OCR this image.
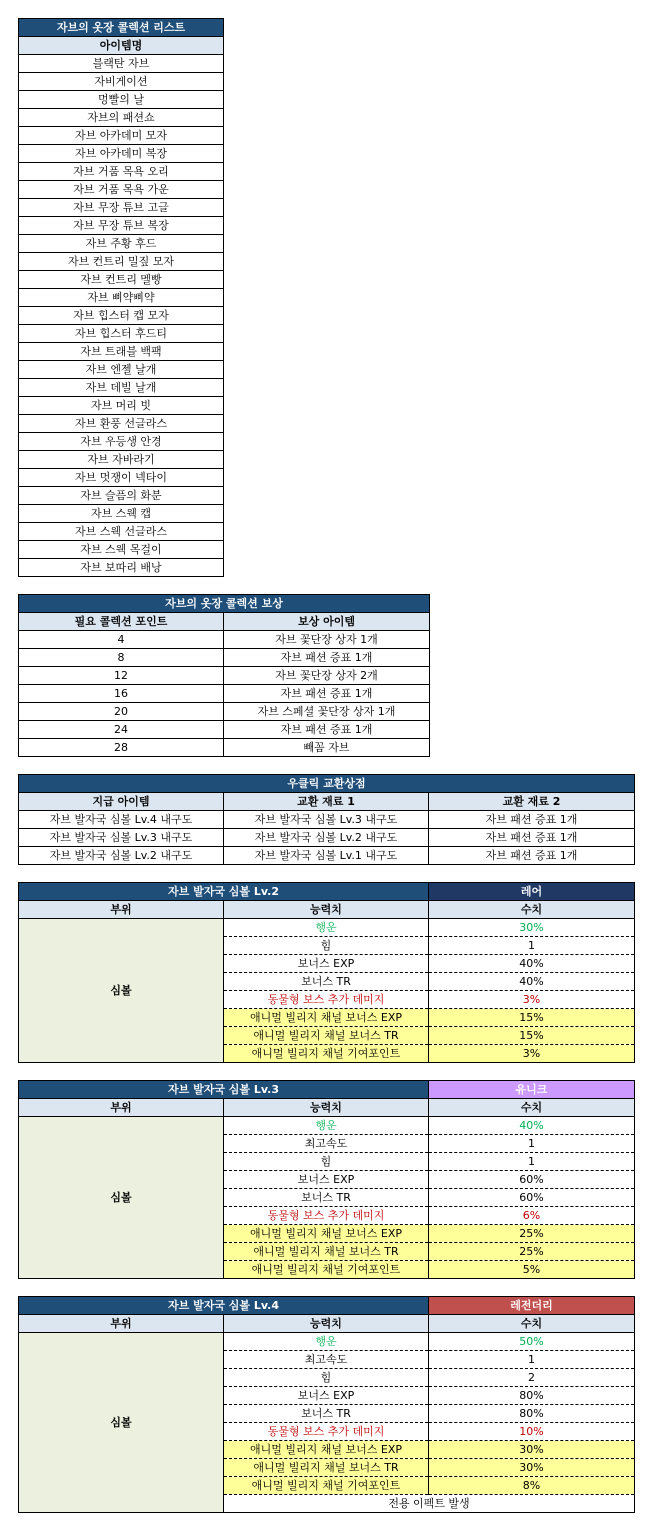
자브의 옷장 콜렉션 리스트
아이템명
블랙탄 자브
자비게이션
멍빨의 날
자브의 패션쇼
자브 아카데미 모자
자브 아카데미 복장
자브 거품 목욕 오리
자브 거품 목욕 가운
자브 무장 튜브 고글
자브 무장 튜브 복장
자브 주황 후드
자브 컨트리 밀짚 모자
자브 컨트리 멜빵
자브 삐약삐약
자브 힙스터 캡 모자
자브 힙스터 후드티
자브 트래블 백팩
자브 엔젤 날개
자브 데빌 날개
자브 머리 빗
자브 환풍 선글라스
자브 우등생 안경
자브 자바라기
자브 멋쟁이 넥타이
자브 슬픔의 화분
자브 스웩 캡
자브 스웩 선글라스
자브 스웩 목걸이
자브 보따리 배낭
자브의 옷장 콜렉션 보상	
필요 콜렉션 포인트	보상 아이템
4	자브 꽃단장 상자 1개
8	자브 패션 증표 1개
12	자브 꽃단장 상자 2개
16	자브 패션 증표 1개
20	자브 스페셜 꽃단장 상자 1개
24	자브 패션 증표 1개
28	빼꼼 자브
우클릭 교환상점		
지급 아이템	교환 재료 1	교환 재료 2
자브 발자국 심볼 Lv.4 내구도	자브 발자국 심볼 Lv.3 내구도	자브 패션 증표 1개
자브 발자국 심볼 Lv.3 내구도	자브 발자국 심볼 Lv.2 내구도	자브 패션 증표 1개
자브 발자국 심볼 Lv.2 내구도	자브 발자국 심볼 Lv.1 내구도	자브 패션 증표 1개
자브 발자국 심볼 Lv.2		레어
부위	능력치	수치
심볼	행운	30%
	힘	1
	보너스 EXP	40%
	보너스 TR	40%
	동물형 보스 추가 데미지	3%
	애니멀 빌리지 채널 보너스 EXP	15%
	애니멀 빌리지 채널 보너스 TR	15%
	애니멀 빌리지 채널 기여포인트	3%
자브 발자국 심볼 Lv.3		유니크
부위	능력치	수치
심볼	행운	40%
	최고속도	1
	힘	1
	보너스 EXP	60%
	보너스 TR	60%
	동물형 보스 추가 데미지	6%
	애니멀 빌리지 채널 보너스 EXP	25%
	애니멀 빌리지 채널 보너스 TR	25%
	애니멀 빌리지 채널 기여포인트	5%
자브 발자국 심볼 Lv.4		레전더리
부위	능력치	수치
심볼	행운	50%
	최고속도	1
	힘	2
	보너스 EXP	80%
	보너스 TR	80%
	동물형 보스 추가 데미지	10%
	애니멀 빌리지 채널 보너스 EXP	30%
	애니멀 빌리지 채널 보너스 TR	30%
	애니멀 빌리지 채널 기여포인트	8%
	전용 이펙트 발생	
